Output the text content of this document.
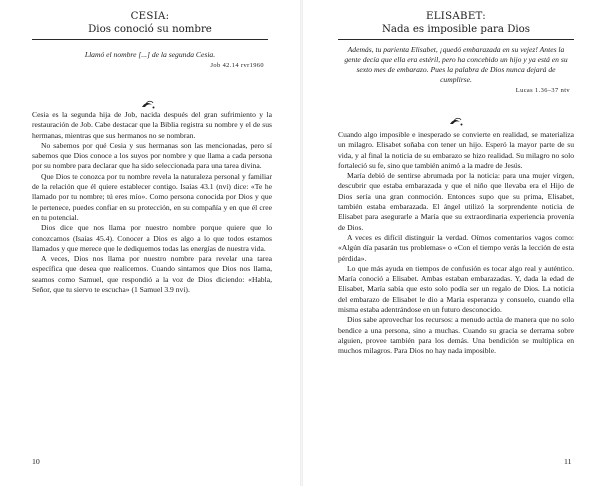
CESIA:
Dios conoció su nombre
Llamó el nombre [...] de la segunda Cesia.
Job 42.14 rvr1960

Cesia es la segunda hija de Job, nacida después del gran sufrimiento y la restauración de Job. Cabe destacar que la Biblia registra su nombre y el de sus hermanas, mientras que sus hermanos no se nombran.

No sabemos por qué Cesia y sus hermanas son las mencionadas, pero sí sabemos que Dios conoce a los suyos por nombre y que llama a cada persona por su nombre para declarar que ha sido seleccionada para una tarea divina.

Que Dios te conozca por tu nombre revela la naturaleza personal y familiar de la relación que él quiere establecer contigo. Isaías 43.1 (nvi) dice: «Te he llamado por tu nombre; tú eres mío». Como persona conocida por Dios y que le pertenece, puedes confiar en su protección, en su compañía y en que él cree en tu potencial.

Dios dice que nos llama por nuestro nombre porque quiere que lo conozcamos (Isaías 45.4). Conocer a Dios es algo a lo que todos estamos llamados y que merece que le dediquemos todas las energías de nuestra vida.

A veces, Dios nos llama por nuestro nombre para revelar una tarea específica que desea que realicemos. Cuando sintamos que Dios nos llama, seamos como Samuel, que respondió a la voz de Dios diciendo: «Habla, Señor, que tu siervo te escucha» (1 Samuel 3.9 nvi).

10
ELISABET:
Nada es imposible para Dios
Además, tu parienta Elisabet, ¡quedó embarazada en su vejez! Antes la gente decía que ella era estéril, pero ha concebido un hijo y ya está en su sexto mes de embarazo. Pues la palabra de Dios nunca dejará de cumplirse.
Lucas 1.36–37 ntv

Cuando algo imposible e inesperado se convierte en realidad, se materializa un milagro. Elisabet soñaba con tener un hijo. Esperó la mayor parte de su vida, y al final la noticia de su embarazo se hizo realidad. Su milagro no solo fortaleció su fe, sino que también animó a la madre de Jesús.

María debió de sentirse abrumada por la noticia: para una mujer virgen, descubrir que estaba embarazada y que el niño que llevaba era el Hijo de Dios sería una gran conmoción. Entonces supo que su prima, Elisabet, también estaba embarazada. El ángel utilizó la sorprendente noticia de Elisabet para asegurarle a María que su extraordinaria experiencia provenía de Dios.

A veces es difícil distinguir la verdad. Oímos comentarios vagos como: «Algún día pasarán tus problemas» o «Con el tiempo verás la lección de esta pérdida».

Lo que más ayuda en tiempos de confusión es tocar algo real y auténtico. María conoció a Elisabet. Ambas estaban embarazadas. Y, dada la edad de Elisabet, María sabía que esto solo podía ser un regalo de Dios. La noticia del embarazo de Elisabet le dio a María esperanza y consuelo, cuando ella misma estaba adentrándose en un futuro desconocido.

Dios sabe aprovechar los recursos: a menudo actúa de manera que no solo bendice a una persona, sino a muchas. Cuando su gracia se derrama sobre alguien, provee también para los demás. Una bendición se multiplica en muchos milagros. Para Dios no hay nada imposible.

11
